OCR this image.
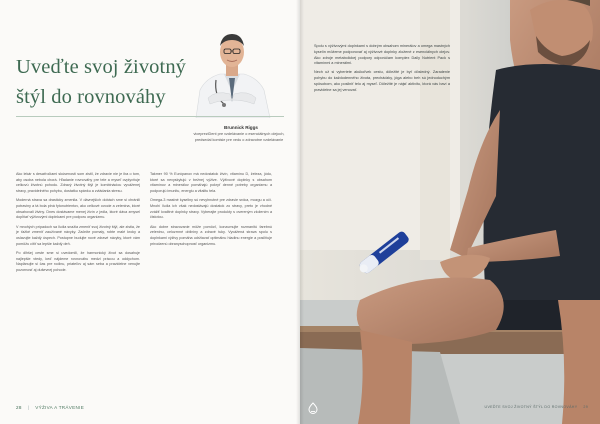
Uveďte svoj životný štýl do rovnováhy
Brunnick Riggs
vicepreziDent pre vzdelávanie o esenciálnych olejoch, predsedal komisie pre vedu o zdravotne vzdelávanie

Ako lekár s desaťročiami skúseností som zistil, že zdravie nie je iba o tom, aby osoba nebola chorá. Hľadanie rovnováhy pre tele a myseľ ovplyvňuje celkovú životnú pohodu. Zdravý životný štýl je kombináciou vyváženej stravy, pravidelného pohybu, dostatku spánku a zvládania stresu.

Moderná strava sa drasticky zmenila. V dávnejších dobách sme si chránili potraviny a tá bola plná fytonutrientov, ako celkové ovocie a zelenina, ktoré obsahovali živiny. Dnes dostávame menej živín z jedla, ktoré dáva zmysel dopĺňať výživovými doplnkami pre podporu organizmu.

V mnohých prípadoch sa ľudia snažia zmeniť svoj životný štýl, ale zistia, že je ťažké zmeniť zaužívané návyky. Začnite pomaly, robte malé kroky a oslavujte každý úspech. Postupne budujte nové zdravé návyky, ktoré vám pomôžu cítiť sa lepšie každý deň.

Po dlhšej ceste sme si uvedomili, že harmonický život sa dosahuje najlepšie vtedy, keď nájdeme rovnováhu medzi prácou a oddychom. Naplánujte si čas pre rodinu, priateľov aj sám seba a pravidelne venujte pozornosť aj duševnej pohode.

Takmer 90 % Európanov má nedostatok živín, vitamínu D, železa, jódu, ktoré sa nevyskytujú v bežnej výžive. Výživové doplnky s obsahom vitamínov a minerálov pomáhajú pokryť denné potreby organizmu a podporujú imunitu, energiu a vitalitu tela.

Omega-3 mastné kyseliny sú nevyhnutné pre zdravie srdca, mozgu a očí. Mnohí ľudia ich však nedostávajú dostatok zo stravy, preto je vhodné zvážiť kvalitné doplnky stravy. Vyberajte produkty s overeným zložením a čistotou.

Ako dobre stravovanie môže pomôcť, konzumujte rozmanitú farebnú zeleninu, celozrnné obilniny a zdravé tuky. Vyvážená strava spolu s doplnkami výživy pomáha udržiavať optimálnu hladinu energie a posilňuje prirodzenú obranyschopnosť organizmu.

28 | VÝŽIVA A TRÁVENIE

Spolu s výživovými doplnkami s dobrým obsahom minerálov a omega mastných kyselín môžeme podporovať aj výživové doplnky zložené z esenciálnych olejov. Ako zdroje metabolickej podpory odporúčam komplex Daily Nutrient Pack s vitamínmi a minerálmi.

Nech už si vyberiete akúkoľvek cestu, dôležité je byť dôsledný. Zaradenie pohybu do každodenného života, prechádzky, jóga alebo beh sú jednoduchým spôsobom, ako posilniť telo aj myseľ. Dôležité je nájsť aktivitu, ktorá vás baví a pravidelne sa jej venovať.

UVEĎTE SVOJ ŽIVOTNÝ ŠTÝL DO ROVNOVÁHY 29
